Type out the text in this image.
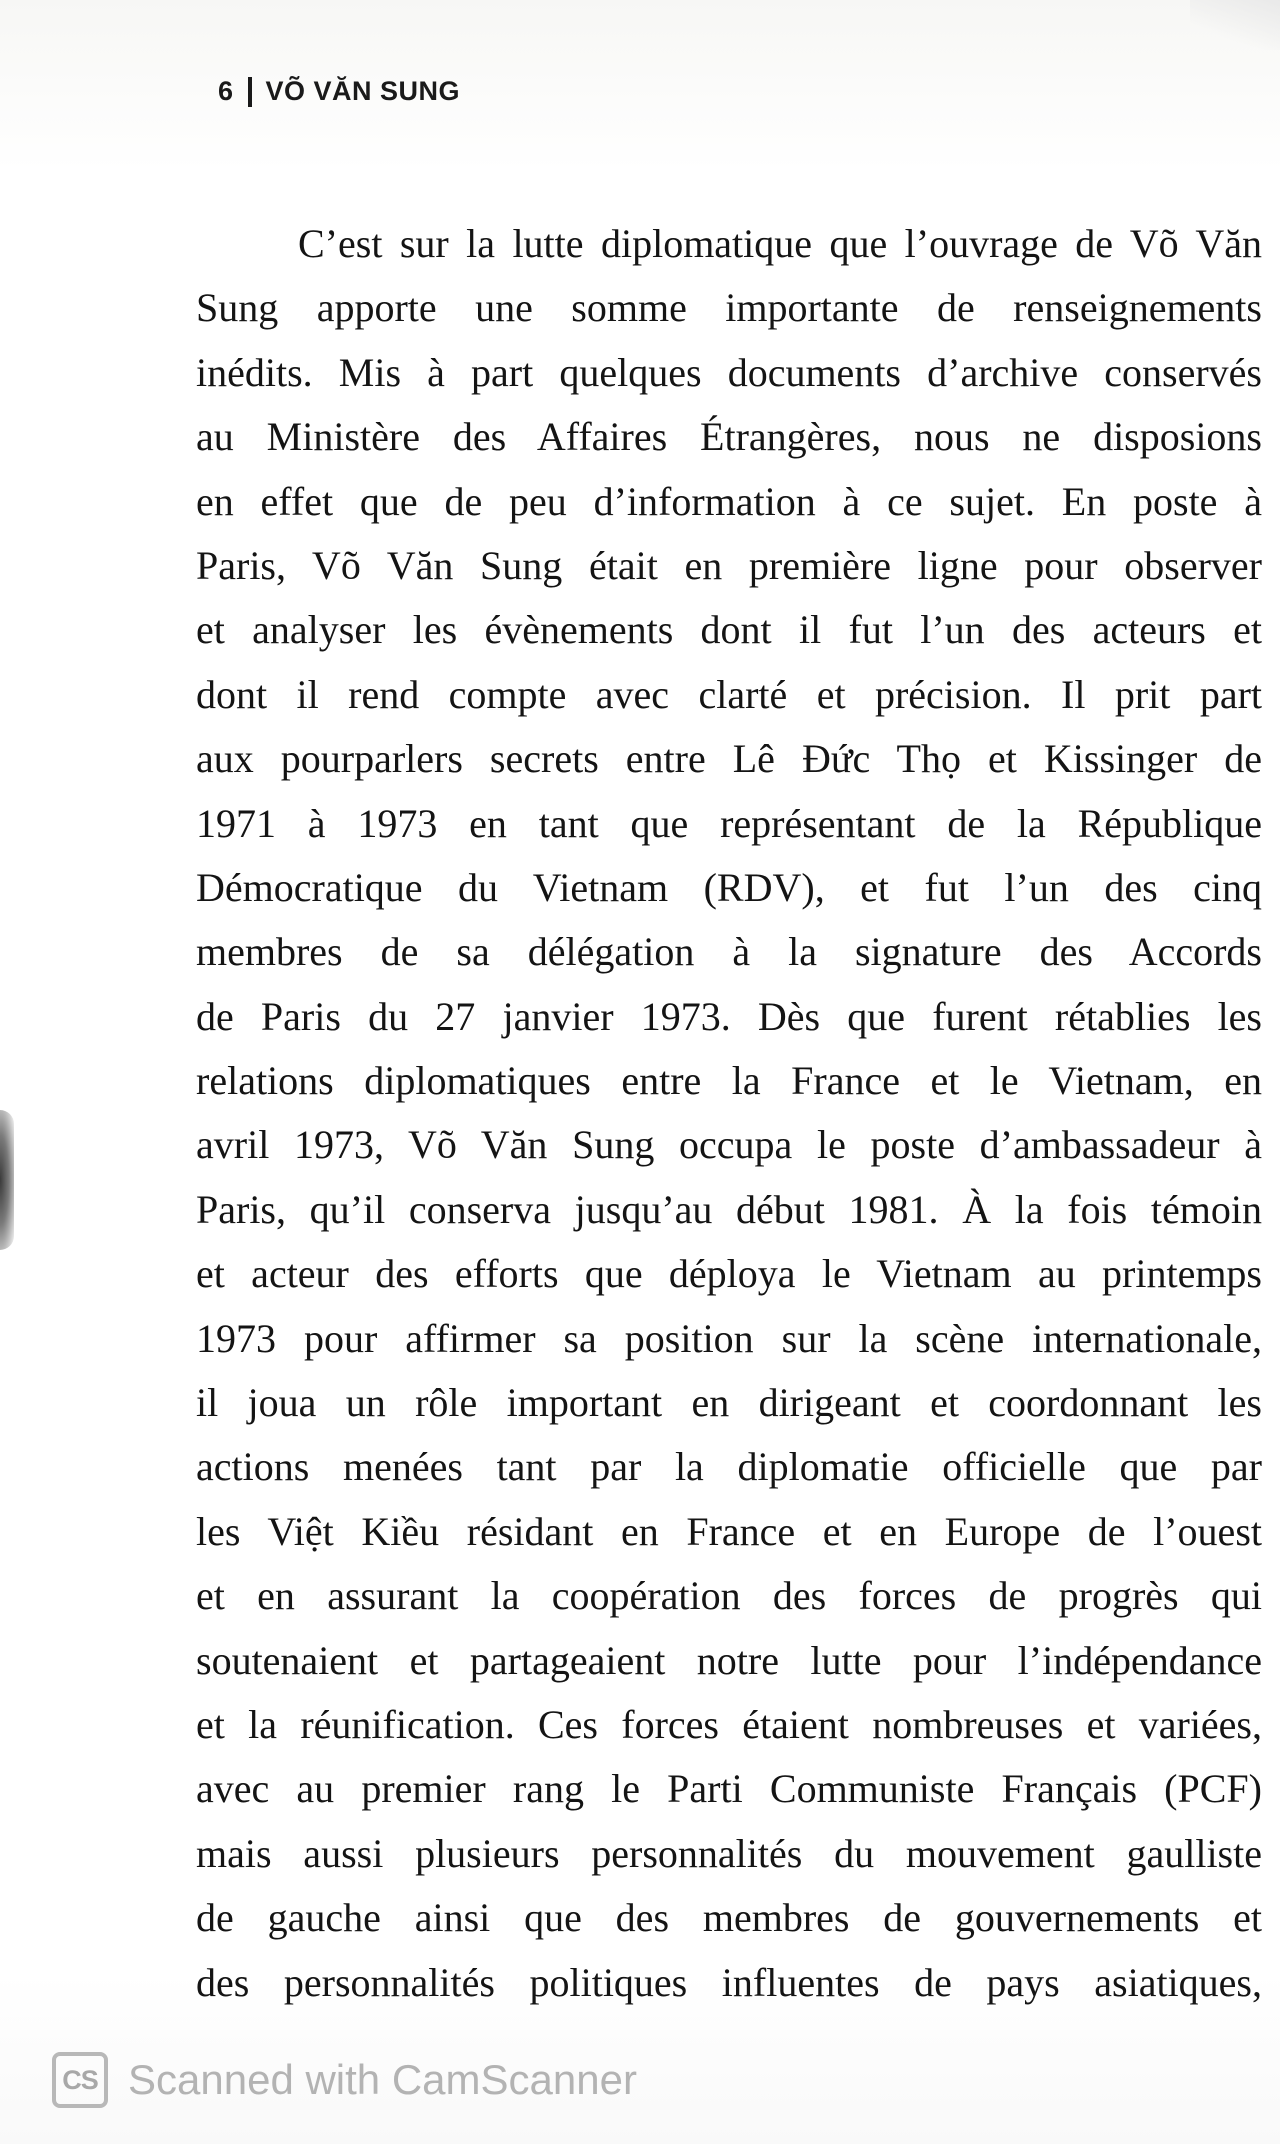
6 VÕ VĂN SUNG
C’est sur la lutte diplomatique que l’ouvrage de Võ Văn
Sung apporte une somme importante de renseignements
inédits. Mis à part quelques documents d’archive conservés
au Ministère des Affaires Étrangères, nous ne disposions
en effet que de peu d’information à ce sujet. En poste à
Paris, Võ Văn Sung était en première ligne pour observer
et analyser les évènements dont il fut l’un des acteurs et
dont il rend compte avec clarté et précision. Il prit part
aux pourparlers secrets entre Lê Đức Thọ et Kissinger de
1971 à 1973 en tant que représentant de la République
Démocratique du Vietnam (RDV), et fut l’un des cinq
membres de sa délégation à la signature des Accords
de Paris du 27 janvier 1973. Dès que furent rétablies les
relations diplomatiques entre la France et le Vietnam, en
avril 1973, Võ Văn Sung occupa le poste d’ambassadeur à
Paris, qu’il conserva jusqu’au début 1981. À la fois témoin
et acteur des efforts que déploya le Vietnam au printemps
1973 pour affirmer sa position sur la scène internationale,
il joua un rôle important en dirigeant et coordonnant les
actions menées tant par la diplomatie officielle que par
les Việt Kiều résidant en France et en Europe de l’ouest
et en assurant la coopération des forces de progrès qui
soutenaient et partageaient notre lutte pour l’indépendance
et la réunification. Ces forces étaient nombreuses et variées,
avec au premier rang le Parti Communiste Français (PCF)
mais aussi plusieurs personnalités du mouvement gaulliste
de gauche ainsi que des membres de gouvernements et
des personnalités politiques influentes de pays asiatiques,
CS Scanned with CamScanner
